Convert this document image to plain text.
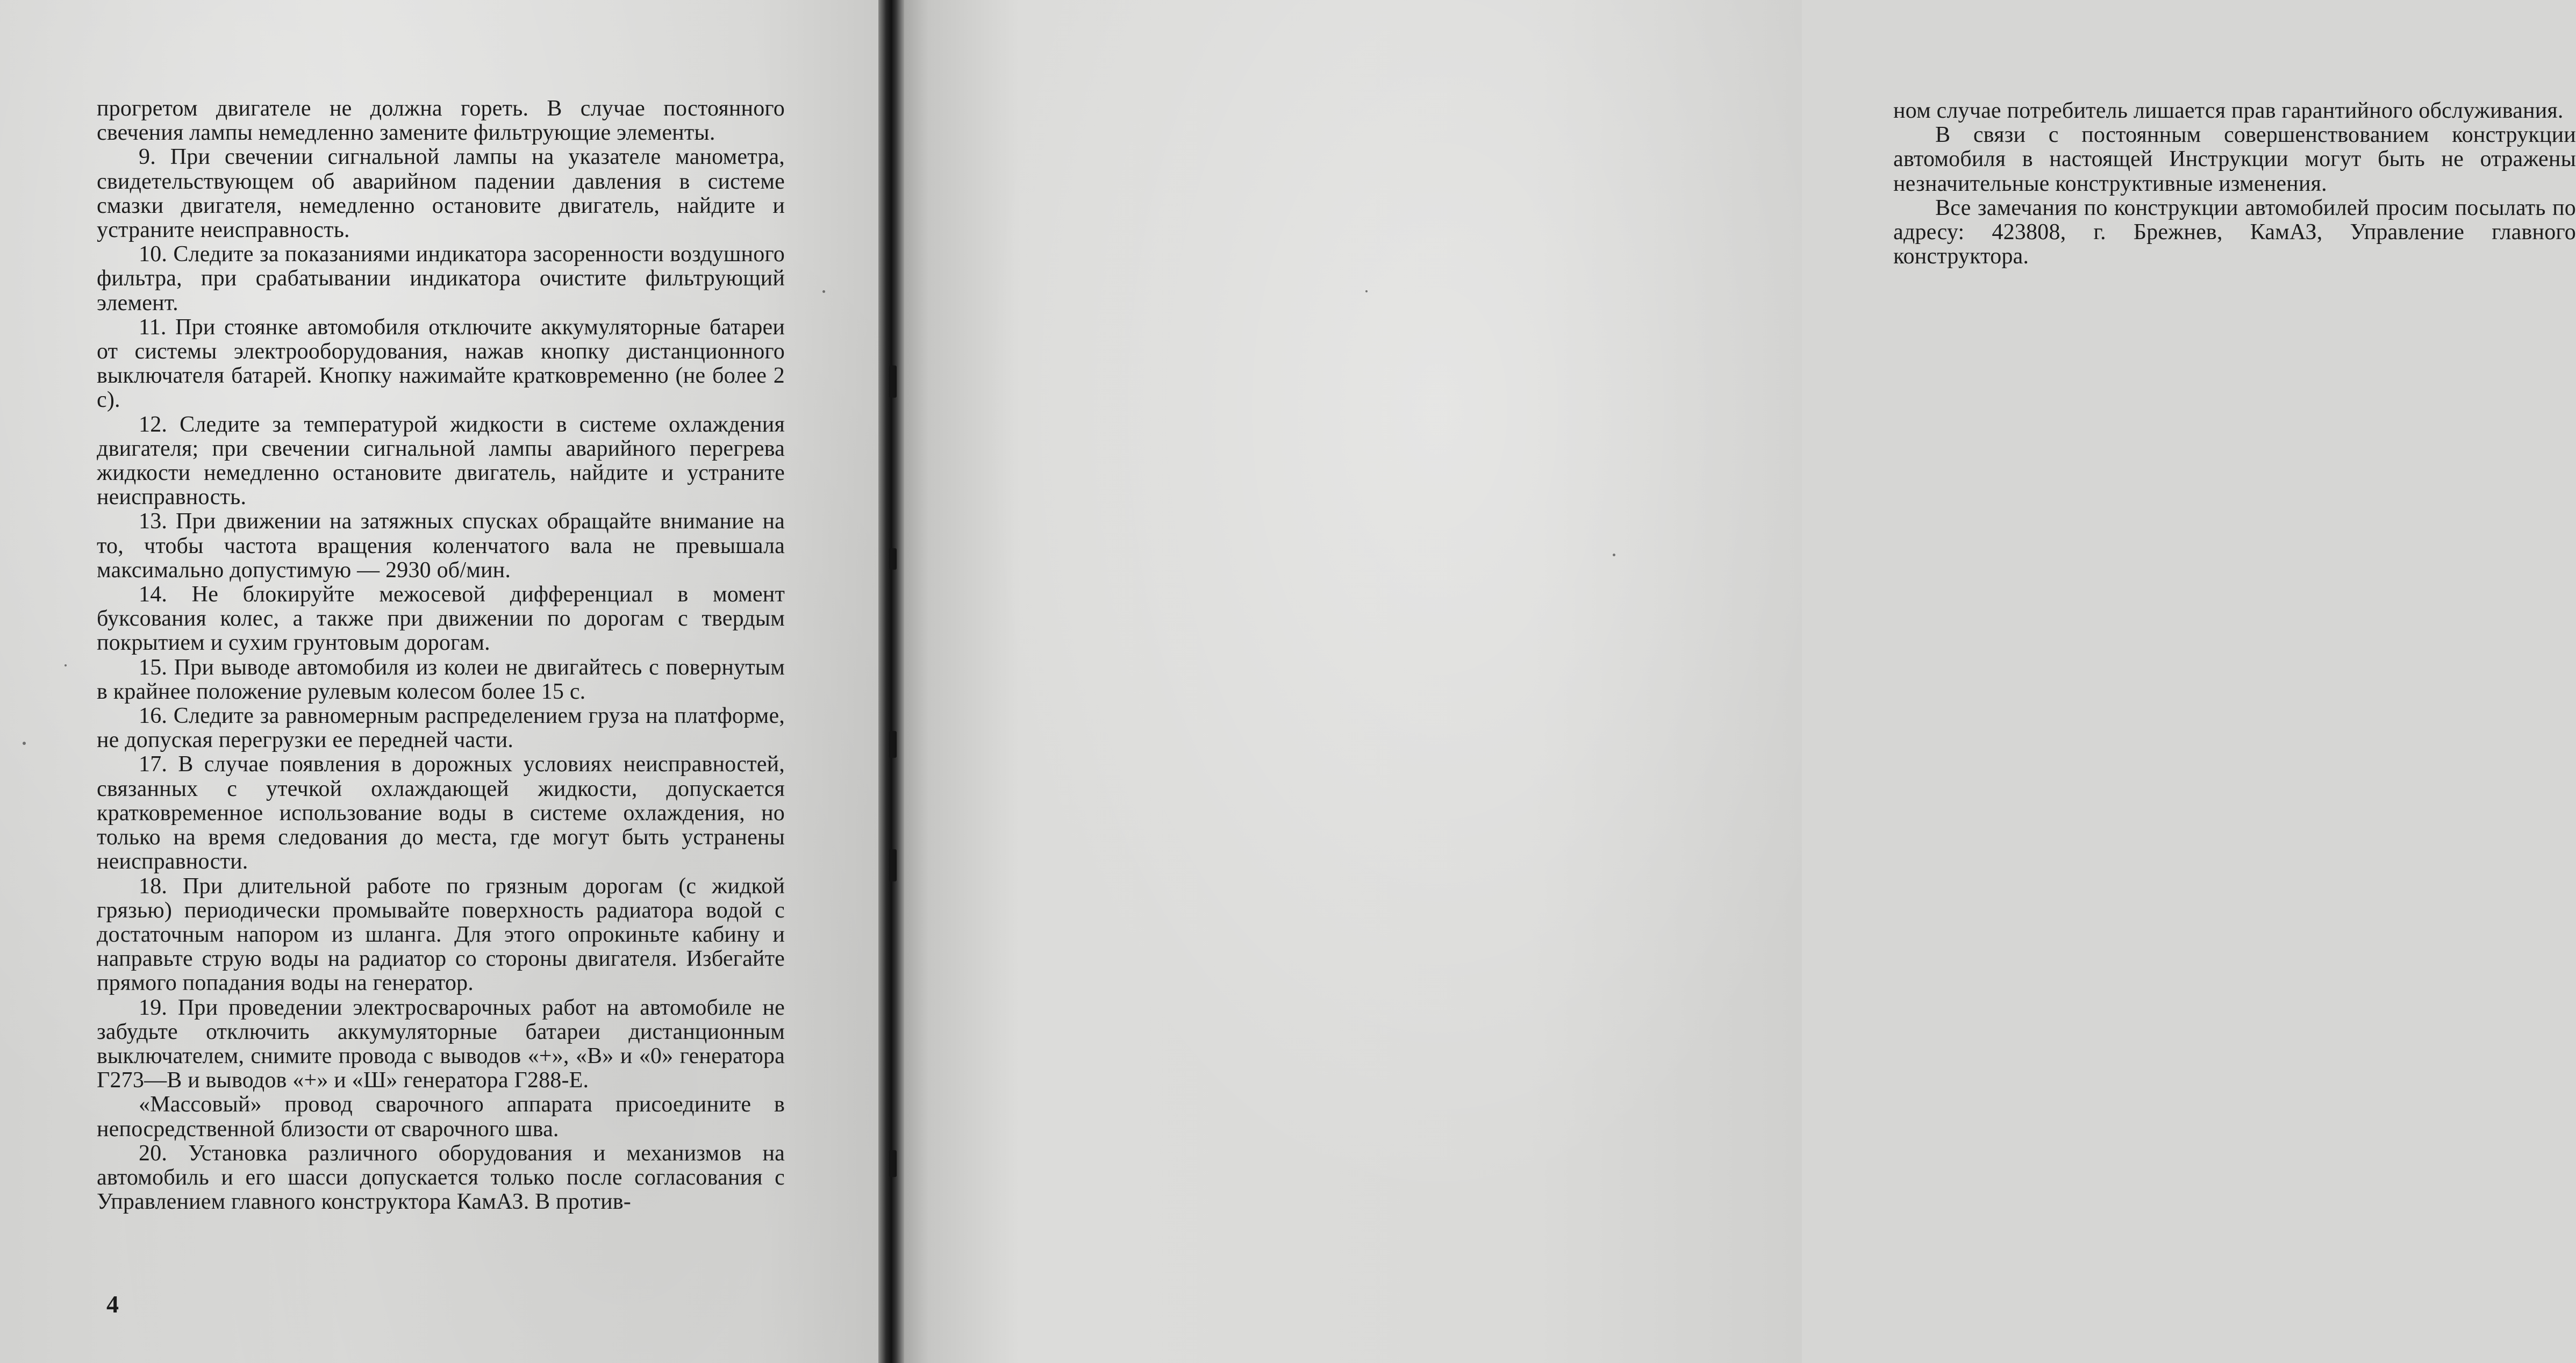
прогретом двигателе не должна гореть. В случае постоянного свечения лампы немедленно замените фильтрующие элементы.

9. При свечении сигнальной лампы на указателе манометра, свидетельствующем об аварийном падении давления в системе смазки двигателя, немедленно остановите двигатель, найдите и устраните неисправность.

10. Следите за показаниями индикатора засоренности воздушного фильтра, при срабатывании индикатора очистите фильтрующий элемент.

11. При стоянке автомобиля отключите аккумуляторные батареи от системы электрооборудования, нажав кнопку дистанционного выключателя батарей. Кнопку нажимайте кратковременно (не более 2 с).

12. Следите за температурой жидкости в системе охлаждения двигателя; при свечении сигнальной лампы аварийного перегрева жидкости немедленно остановите двигатель, найдите и устраните неисправность.

13. При движении на затяжных спусках обращайте внимание на то, чтобы частота вращения коленчатого вала не превышала максимально допустимую — 2930 об/мин.

14. Не блокируйте межосевой дифференциал в момент буксования колес, а также при движении по дорогам с твердым покрытием и сухим грунтовым дорогам.

15. При выводе автомобиля из колеи не двигайтесь с повернутым в крайнее положение рулевым колесом более 15 с.

16. Следите за равномерным распределением груза на платформе, не допуская перегрузки ее передней части.

17. В случае появления в дорожных условиях неисправностей, связанных с утечкой охлаждающей жидкости, допускается кратковременное использование воды в системе охлаждения, но только на время следования до места, где могут быть устранены неисправности.

18. При длительной работе по грязным дорогам (с жидкой грязью) периодически промывайте поверхность радиатора водой с достаточным напором из шланга. Для этого опрокиньте кабину и направьте струю воды на радиатор со стороны двигателя. Избегайте прямого попадания воды на генератор.

19. При проведении электросварочных работ на автомобиле не забудьте отключить аккумуляторные батареи дистанционным выключателем, снимите провода с выводов «+», «В» и «0» генератора Г273—В и выводов «+» и «Ш» генератора Г288-Е.

«Массовый» провод сварочного аппарата присоедините в непосредственной близости от сварочного шва.

20. Установка различного оборудования и механизмов на автомобиль и его шасси допускается только после согласования с Управлением главного конструктора КамАЗ. В против-

4

ном случае потребитель лишается прав гарантийного обслуживания.

В связи с постоянным совершенствованием конструкции автомобиля в настоящей Инструкции могут быть не отражены незначительные конструктивные изменения.

Все замечания по конструкции автомобилей просим посылать по адресу: 423808, г. Брежнев, КамАЗ, Управление главного конструктора.
